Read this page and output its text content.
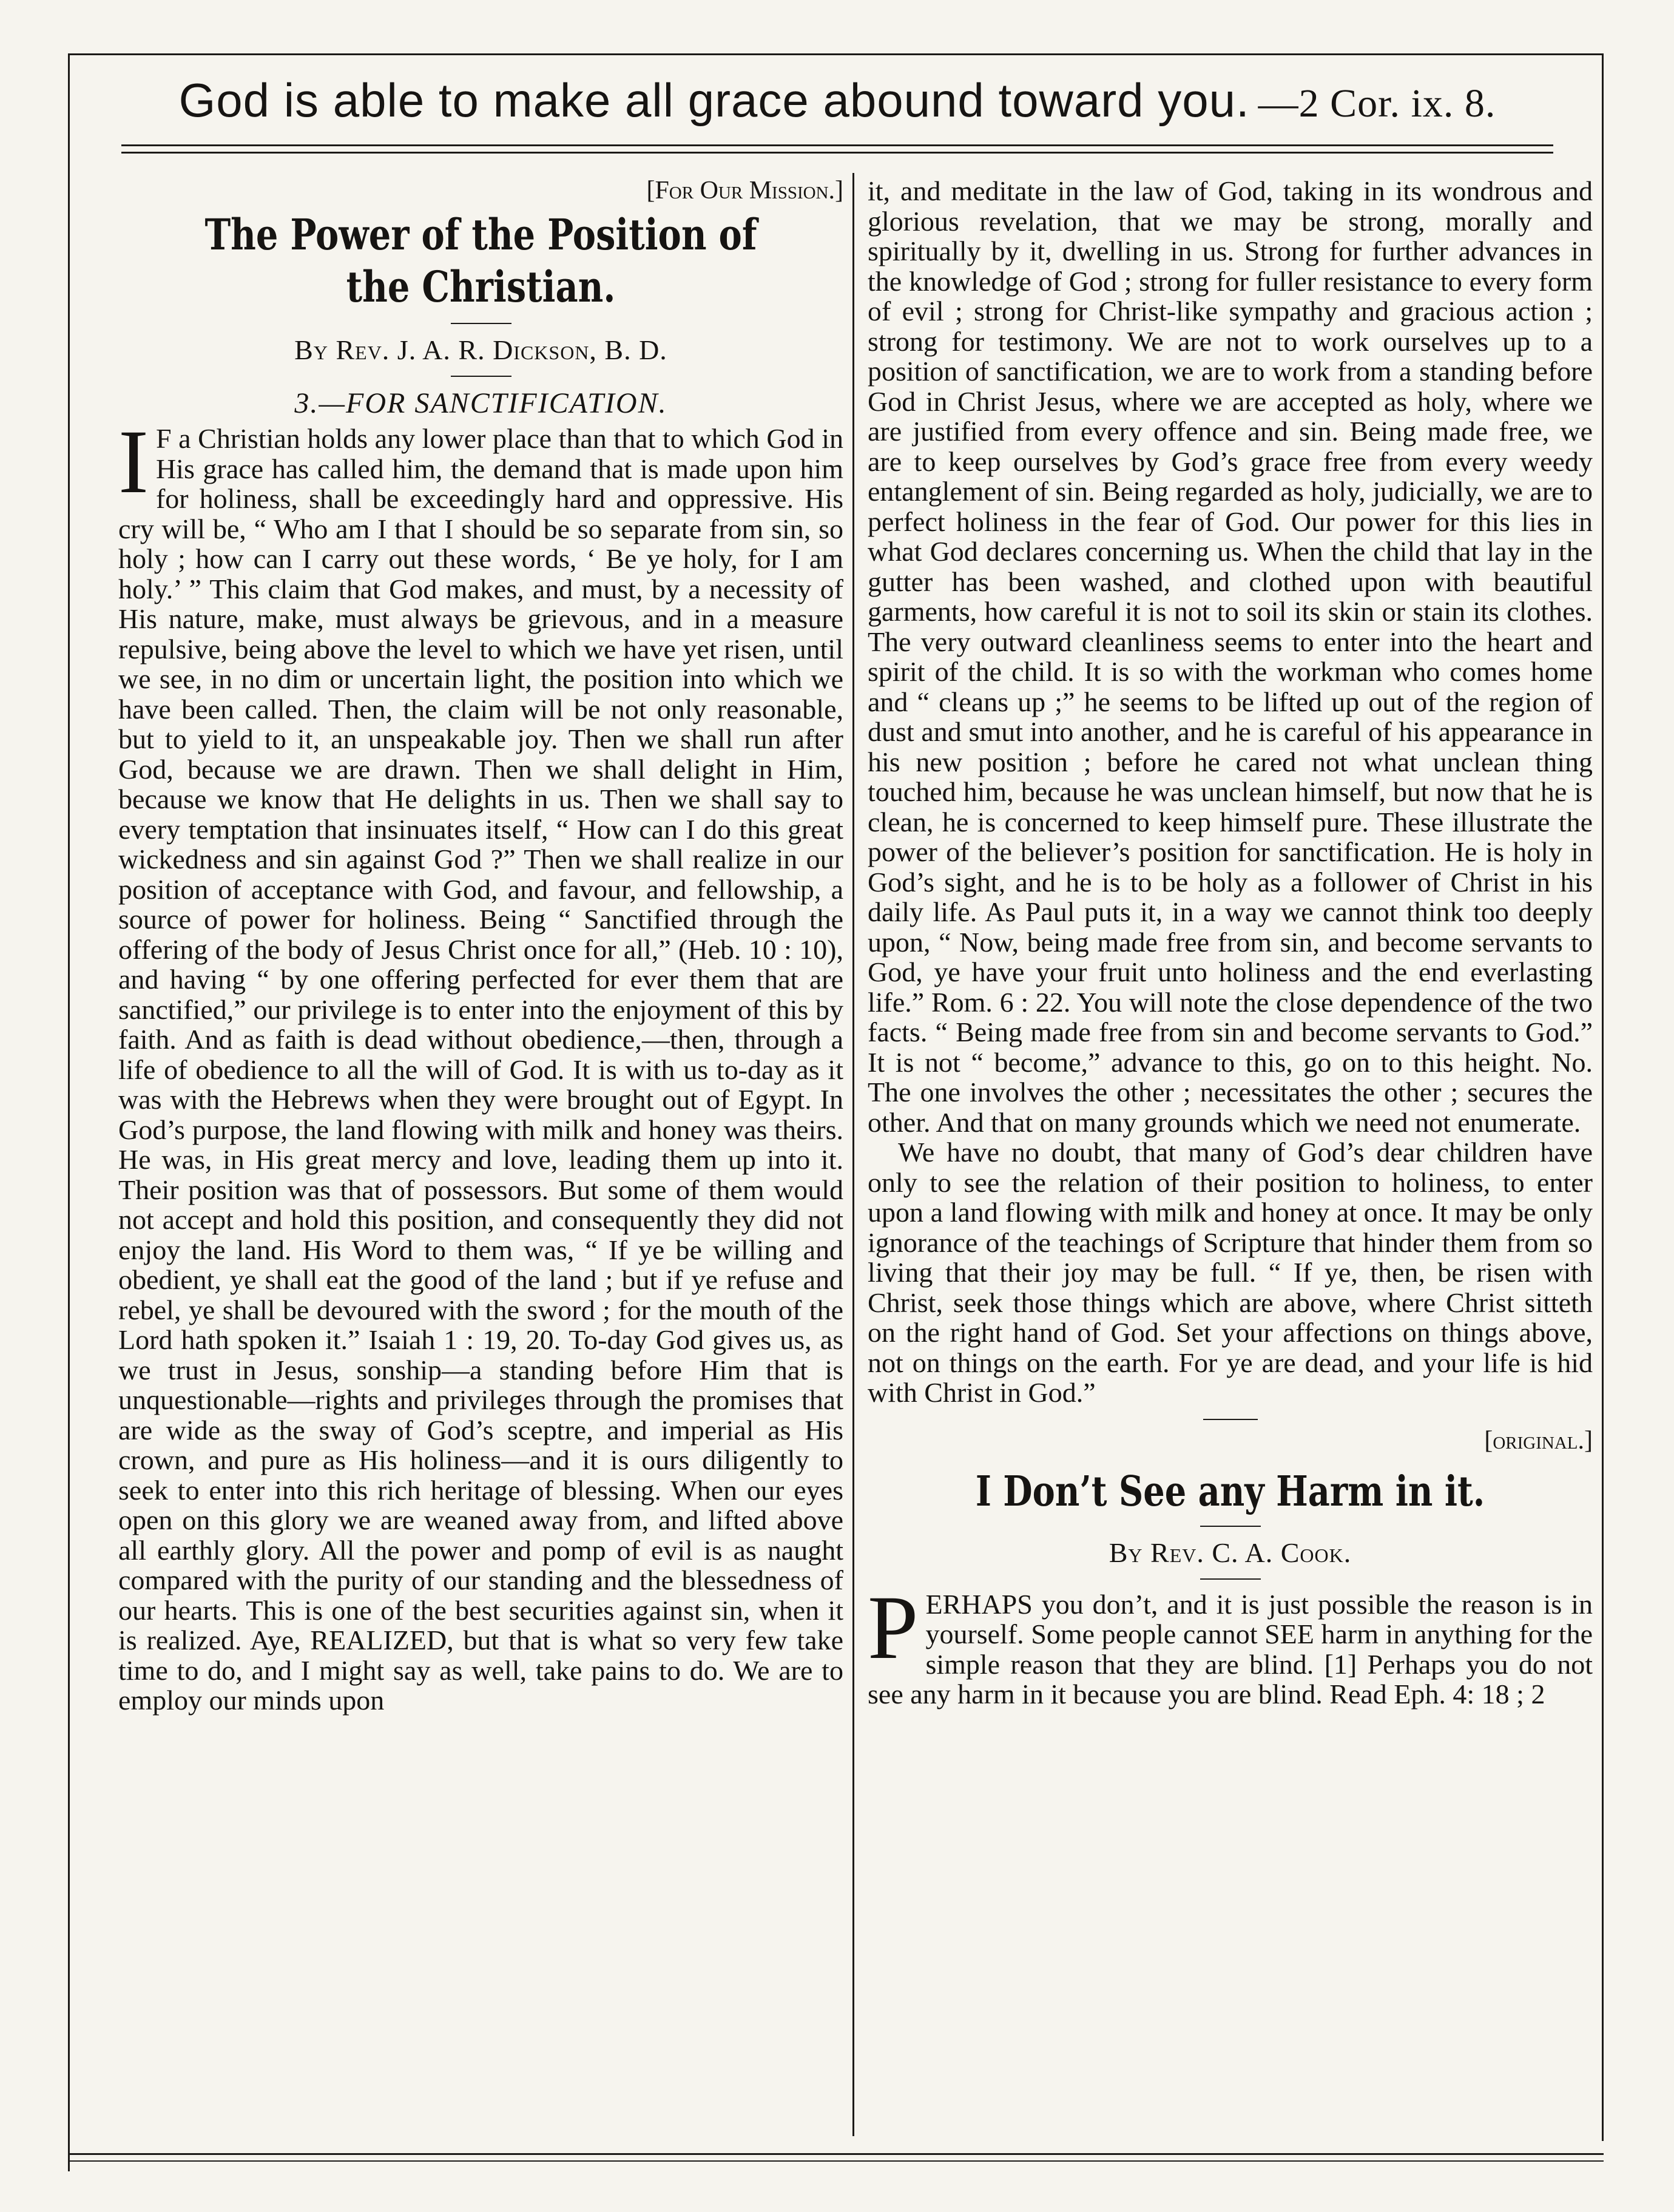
God is able to make all grace abound toward you. —2 Cor. ix. 8.

[For Our Mission.]

The Power of the Position of the Christian.

By Rev. J. A. R. Dickson, B. D.

3.—FOR SANCTIFICATION.

I F a Christian holds any lower place than that to which God in His grace has called him, the demand that is made upon him for holiness, shall be exceedingly hard and oppressive. His cry will be, “ Who am I that I should be so separate from sin, so holy ; how can I carry out these words, ‘ Be ye holy, for I am holy.’ ” This claim that God makes, and must, by a necessity of His nature, make, must always be grievous, and in a measure repulsive, being above the level to which we have yet risen, until we see, in no dim or uncertain light, the position into which we have been called. Then, the claim will be not only reasonable, but to yield to it, an unspeakable joy. Then we shall run after God, because we are drawn. Then we shall delight in Him, because we know that He delights in us. Then we shall say to every temptation that insinuates itself, “ How can I do this great wickedness and sin against God ?” Then we shall realize in our position of acceptance with God, and favour, and fellowship, a source of power for holiness. Being “ Sanctified through the offering of the body of Jesus Christ once for all,” (Heb. 10 : 10), and having “ by one offering perfected for ever them that are sanctified,” our privilege is to enter into the enjoyment of this by faith. And as faith is dead without obedience,—then, through a life of obedience to all the will of God. It is with us to-day as it was with the Hebrews when they were brought out of Egypt. In God’s purpose, the land flowing with milk and honey was theirs. He was, in His great mercy and love, leading them up into it. Their position was that of possessors. But some of them would not accept and hold this position, and consequently they did not enjoy the land. His Word to them was, “ If ye be willing and obedient, ye shall eat the good of the land ; but if ye refuse and rebel, ye shall be devoured with the sword ; for the mouth of the Lord hath spoken it.” Isaiah 1 : 19, 20. To-day God gives us, as we trust in Jesus, sonship—a standing before Him that is unquestionable—rights and privileges through the promises that are wide as the sway of God’s sceptre, and imperial as His crown, and pure as His holiness—and it is ours diligently to seek to enter into this rich heritage of blessing. When our eyes open on this glory we are weaned away from, and lifted above all earthly glory. All the power and pomp of evil is as naught compared with the purity of our standing and the blessedness of our hearts. This is one of the best securities against sin, when it is realized. Aye, REALIZED, but that is what so very few take time to do, and I might say as well, take pains to do. We are to employ our minds upon

it, and meditate in the law of God, taking in its wondrous and glorious revelation, that we may be strong, morally and spiritually by it, dwelling in us. Strong for further advances in the knowledge of God ; strong for fuller resistance to every form of evil ; strong for Christ-like sympathy and gracious action ; strong for testimony. We are not to work ourselves up to a position of sanctification, we are to work from a standing before God in Christ Jesus, where we are accepted as holy, where we are justified from every offence and sin. Being made free, we are to keep ourselves by God’s grace free from every weedy entanglement of sin. Being regarded as holy, judicially, we are to perfect holiness in the fear of God. Our power for this lies in what God declares concerning us. When the child that lay in the gutter has been washed, and clothed upon with beautiful garments, how careful it is not to soil its skin or stain its clothes. The very outward cleanliness seems to enter into the heart and spirit of the child. It is so with the workman who comes home and “ cleans up ;” he seems to be lifted up out of the region of dust and smut into another, and he is careful of his appearance in his new position ; before he cared not what unclean thing touched him, because he was unclean himself, but now that he is clean, he is concerned to keep himself pure. These illustrate the power of the believer’s position for sanctification. He is holy in God’s sight, and he is to be holy as a follower of Christ in his daily life. As Paul puts it, in a way we cannot think too deeply upon, “ Now, being made free from sin, and become servants to God, ye have your fruit unto holiness and the end everlasting life.” Rom. 6 : 22. You will note the close dependence of the two facts. “ Being made free from sin and become servants to God.” It is not “ become,” advance to this, go on to this height. No. The one involves the other ; necessitates the other ; secures the other. And that on many grounds which we need not enumerate.

We have no doubt, that many of God’s dear children have only to see the relation of their position to holiness, to enter upon a land flowing with milk and honey at once. It may be only ignorance of the teachings of Scripture that hinder them from so living that their joy may be full. “ If ye, then, be risen with Christ, seek those things which are above, where Christ sitteth on the right hand of God. Set your affections on things above, not on things on the earth. For ye are dead, and your life is hid with Christ in God.”

[original.]

I Don’t See any Harm in it.

By Rev. C. A. Cook.

PERHAPS you don’t, and it is just possible the reason is in yourself. Some people cannot SEE harm in anything for the simple reason that they are blind. [1] Perhaps you do not see any harm in it because you are blind. Read Eph. 4: 18 ; 2
